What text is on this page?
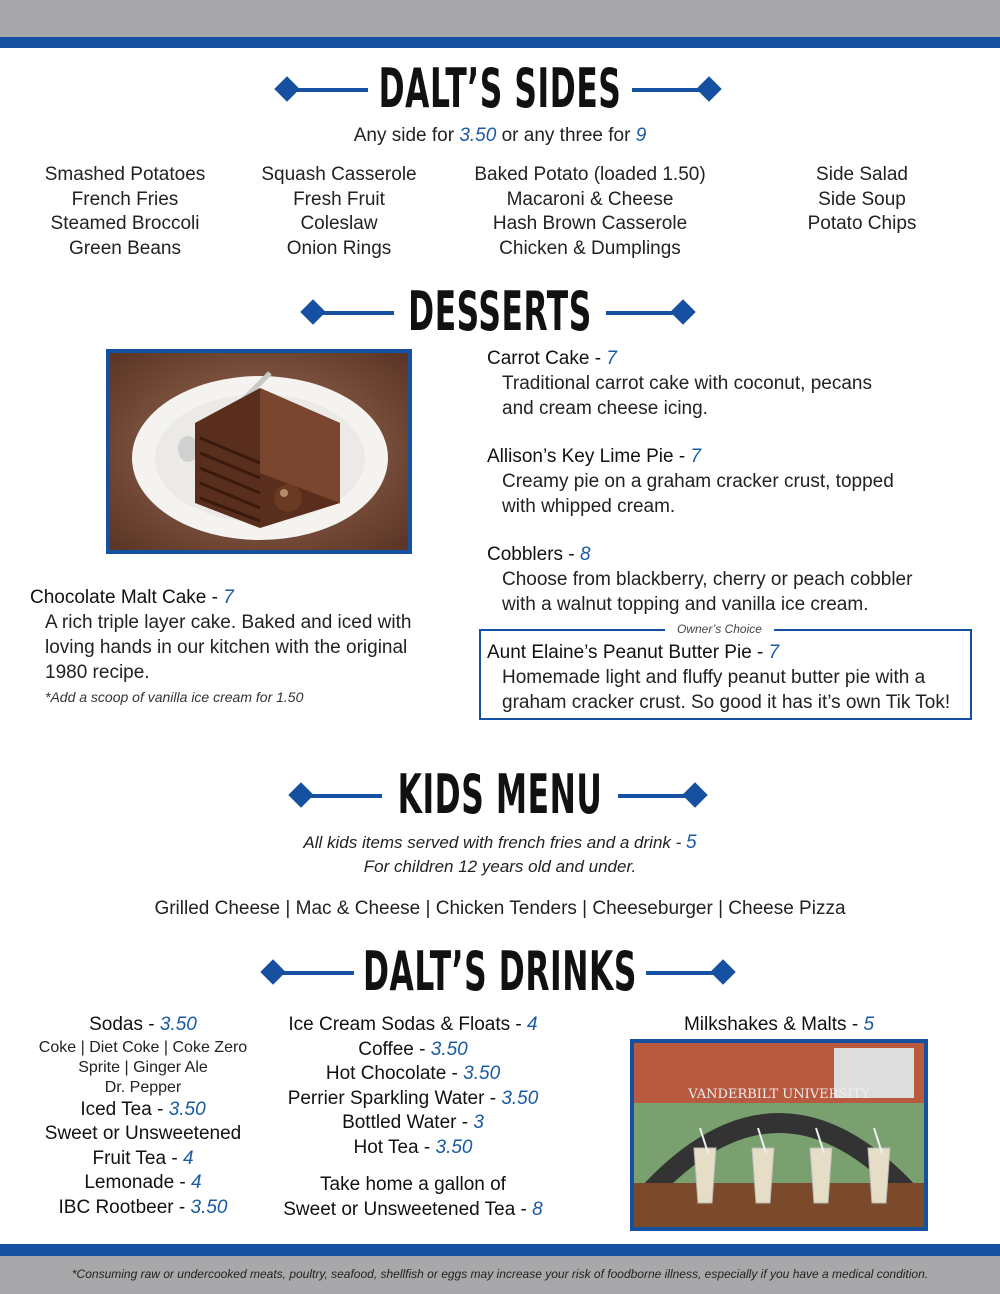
DALT’S SIDES
Any side for 3.50 or any three for 9
Smashed Potatoes
French Fries
Steamed Broccoli
Green Beans
Squash Casserole
Fresh Fruit
Coleslaw
Onion Rings
Baked Potato (loaded 1.50)
Macaroni & Cheese
Hash Brown Casserole
Chicken & Dumplings
Side Salad
Side Soup
Potato Chips
DESSERTS
Chocolate Malt Cake - 7
A rich triple layer cake. Baked and iced with
loving hands in our kitchen with the original
1980 recipe.
*Add a scoop of vanilla ice cream for 1.50
Carrot Cake - 7
Traditional carrot cake with coconut, pecans
and cream cheese icing.
Allison’s Key Lime Pie - 7
Creamy pie on a graham cracker crust, topped
with whipped cream.
Cobblers - 8
Choose from blackberry, cherry or peach cobbler
with a walnut topping and vanilla ice cream.
Owner’s Choice
Aunt Elaine’s Peanut Butter Pie - 7
Homemade light and fluffy peanut butter pie with a
graham cracker crust. So good it has it’s own Tik Tok!
KIDS MENU
All kids items served with french fries and a drink - 5
For children 12 years old and under.
Grilled Cheese | Mac & Cheese | Chicken Tenders | Cheeseburger | Cheese Pizza
DALT’S DRINKS
Sodas - 3.50
Coke | Diet Coke | Coke Zero
Sprite | Ginger Ale
Dr. Pepper
Iced Tea - 3.50
Sweet or Unsweetened
Fruit Tea - 4
Lemonade - 4
IBC Rootbeer - 3.50
Ice Cream Sodas & Floats - 4
Coffee - 3.50
Hot Chocolate - 3.50
Perrier Sparkling Water - 3.50
Bottled Water - 3
Hot Tea - 3.50
Take home a gallon of
Sweet or Unsweetened Tea - 8
Milkshakes & Malts - 5
VANDERBILT UNIVERSITY
*Consuming raw or undercooked meats, poultry, seafood, shellfish or eggs may increase your risk of foodborne illness, especially if you have a medical condition.
